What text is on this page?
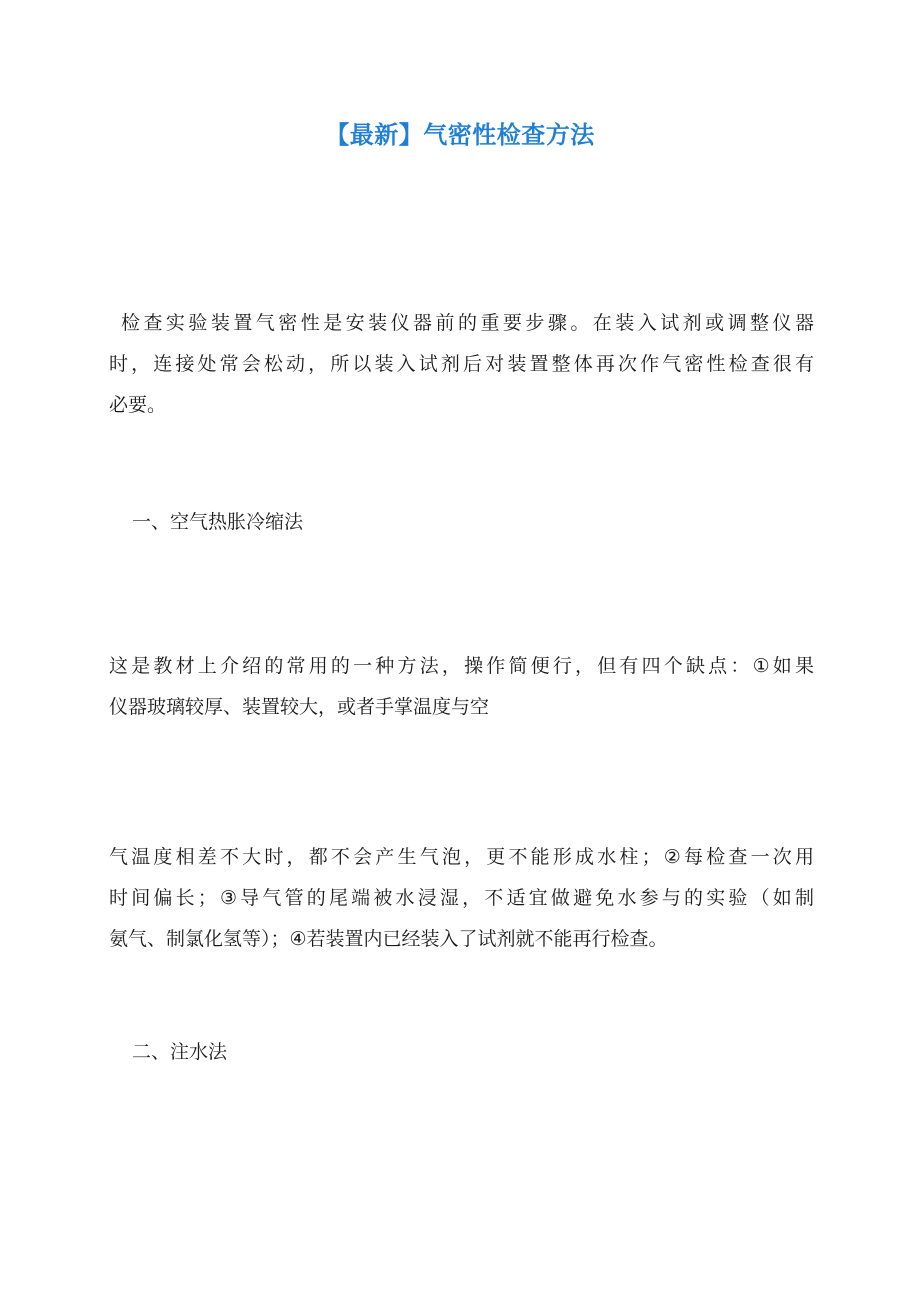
【最新】气密性检查方法
检查实验装置气密性是安装仪器前的重要步骤。在装入试剂或调整仪器
时，连接处常会松动，所以装入试剂后对装置整体再次作气密性检查很有
必要。
一、空气热胀冷缩法
这是教材上介绍的常用的一种方法，操作简便行，但有四个缺点：①如果
仪器玻璃较厚、装置较大，或者手掌温度与空
气温度相差不大时，都不会产生气泡，更不能形成水柱；②每检查一次用
时间偏长；③导气管的尾端被水浸湿，不适宜做避免水参与的实验（如制
氨气、制氯化氢等）；④若装置内已经装入了试剂就不能再行检查。
二、注水法
